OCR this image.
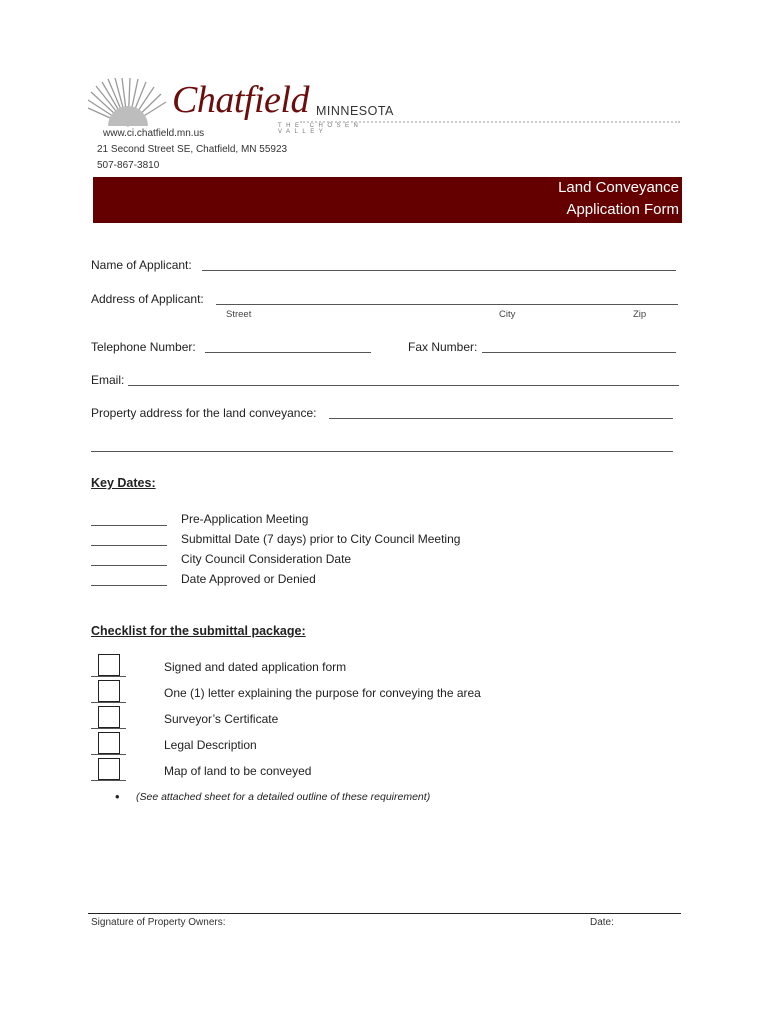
Chatfield MINNESOTA
THE CHOSEN VALLEY
www.ci.chatfield.mn.us
21 Second Street SE, Chatfield, MN 55923
507-867-3810
Land Conveyance
Application Form
Name of Applicant:
Address of Applicant:
Street	City	Zip
Telephone Number:	Fax Number:
Email:
Property address for the land conveyance:
Key Dates:
Pre-Application Meeting
Submittal Date (7 days) prior to City Council Meeting
City Council Consideration Date
Date Approved or Denied
Checklist for the submittal package:
Signed and dated application form
One (1) letter explaining the purpose for conveying the area
Surveyor’s Certificate
Legal Description
Map of land to be conveyed
• (See attached sheet for a detailed outline of these requirement)
Signature of Property Owners:	Date:
